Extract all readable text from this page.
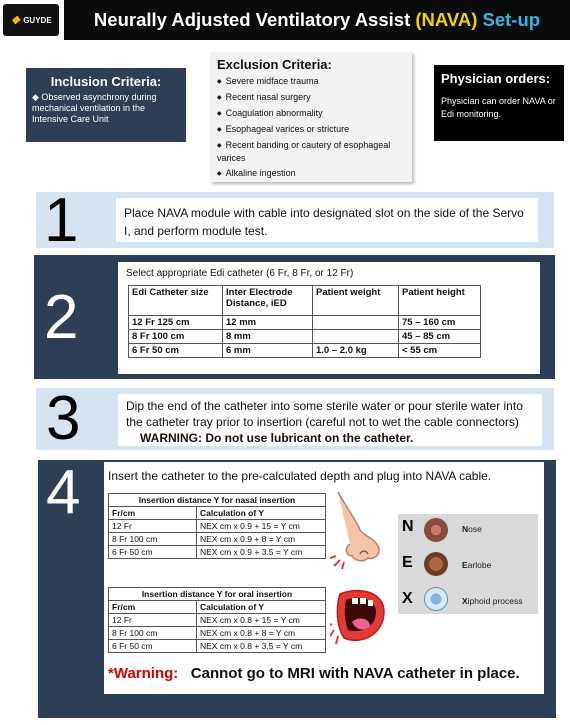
❖ GUYDE Neurally Adjusted Ventilatory Assist (NAVA) Set-up
Inclusion Criteria:

◆ Observed asynchrony during mechanical ventilation in the Intensive Care Unit

Exclusion Criteria:
◆ Severe midface trauma
◆ Recent nasal surgery
◆ Coagulation abnormality
◆ Esophageal varices or stricture
◆ Recent banding or cautery of esophageal varices
◆ Alkaline ingestion
Physician orders:

Physician can order NAVA or Edi monitoring.

1	Place NAVA module with cable into designated slot on the side of the Servo I, and perform module test.
2
Select appropriate Edi catheter (6 Fr, 8 Fr, or 12 Fr)
Edi Catheter size	Inter Electrode Distance, iED	Patient weight	Patient height
12 Fr 125 cm	12 mm		75 – 160 cm
8 Fr 100 cm	8 mm		45 – 85 cm
6 Fr 50 cm	6 mm	1.0 – 2.0 kg	< 55 cm
3	Dip the end of the catheter into some sterile water or pour sterile water into the catheter tray prior to insertion (careful not to wet the cable connectors) WARNING: Do not use lubricant on the catheter.
4 Insert the catheter to the pre-calculated depth and plug into NAVA cable.
Insertion distance Y for nasal insertion	
Fr/cm	Calculation of Y
12 Fr	NEX cm x 0.9 + 15 = Y cm
8 Fr 100 cm	NEX cm x 0.9 + 8 = Y cm
6 Fr 50 cm	NEX cm x 0.9 + 3.5 = Y cm
Insertion distance Y for oral insertion	
Fr/cm	Calculation of Y
12 Fr	NEX cm x 0.8 + 15 = Y cm
8 Fr 100 cm	NEX cm x 0.8 + 8 = Y cm
6 Fr 50 cm	NEX cm x 0.8 + 3.5 = Y cm
N	Nose
E	Earlobe
X	Xiphoid process
*Warning:   Cannot go to MRI with NAVA catheter in place.
